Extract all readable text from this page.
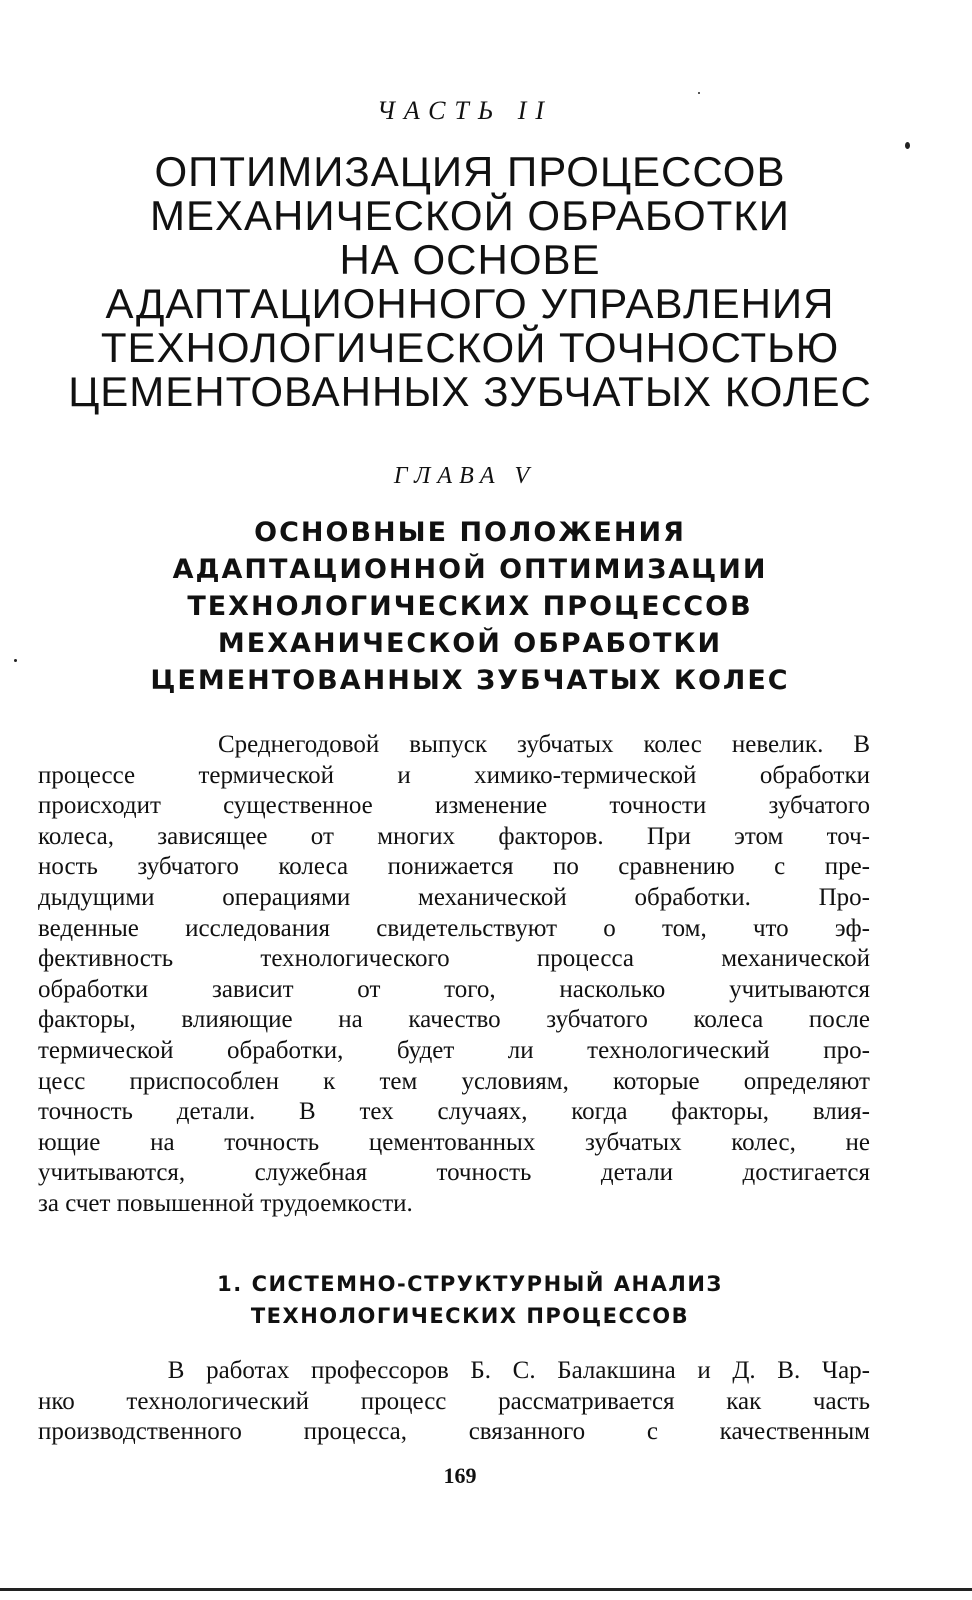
ЧАСТЬ II
ОПТИМИЗАЦИЯ ПРОЦЕССОВ
МЕХАНИЧЕСКОЙ ОБРАБОТКИ
НА ОСНОВЕ
АДАПТАЦИОННОГО УПРАВЛЕНИЯ
ТЕХНОЛОГИЧЕСКОЙ ТОЧНОСТЬЮ
ЦЕМЕНТОВАННЫХ ЗУБЧАТЫХ КОЛЕС
ГЛАВА V
ОСНОВНЫЕ ПОЛОЖЕНИЯ
АДАПТАЦИОННОЙ ОПТИМИЗАЦИИ
ТЕХНОЛОГИЧЕСКИХ ПРОЦЕССОВ
МЕХАНИЧЕСКОЙ ОБРАБОТКИ
ЦЕМЕНТОВАННЫХ ЗУБЧАТЫХ КОЛЕС
Среднегодовой выпуск зубчатых колес невелик. В
процессе термической и химико-термической обработки
происходит существенное изменение точности зубчатого
колеса, зависящее от многих факторов. При этом точ-
ность зубчатого колеса понижается по сравнению с пре-
дыдущими операциями механической обработки. Про-
веденные исследования свидетельствуют о том, что эф-
фективность технологического процесса механической
обработки зависит от того, насколько учитываются
факторы, влияющие на качество зубчатого колеса после
термической обработки, будет ли технологический про-
цесс приспособлен к тем условиям, которые определяют
точность детали. В тех случаях, когда факторы, влия-
ющие на точность цементованных зубчатых колес, не
учитываются, служебная точность детали достигается
за счет повышенной трудоемкости.
1. СИСТЕМНО-СТРУКТУРНЫЙ АНАЛИЗ
ТЕХНОЛОГИЧЕСКИХ ПРОЦЕССОВ
В работах профессоров Б. С. Балакшина и Д. В. Чар-
нко технологический процесс рассматривается как часть
производственного процесса, связанного с качественным
169
